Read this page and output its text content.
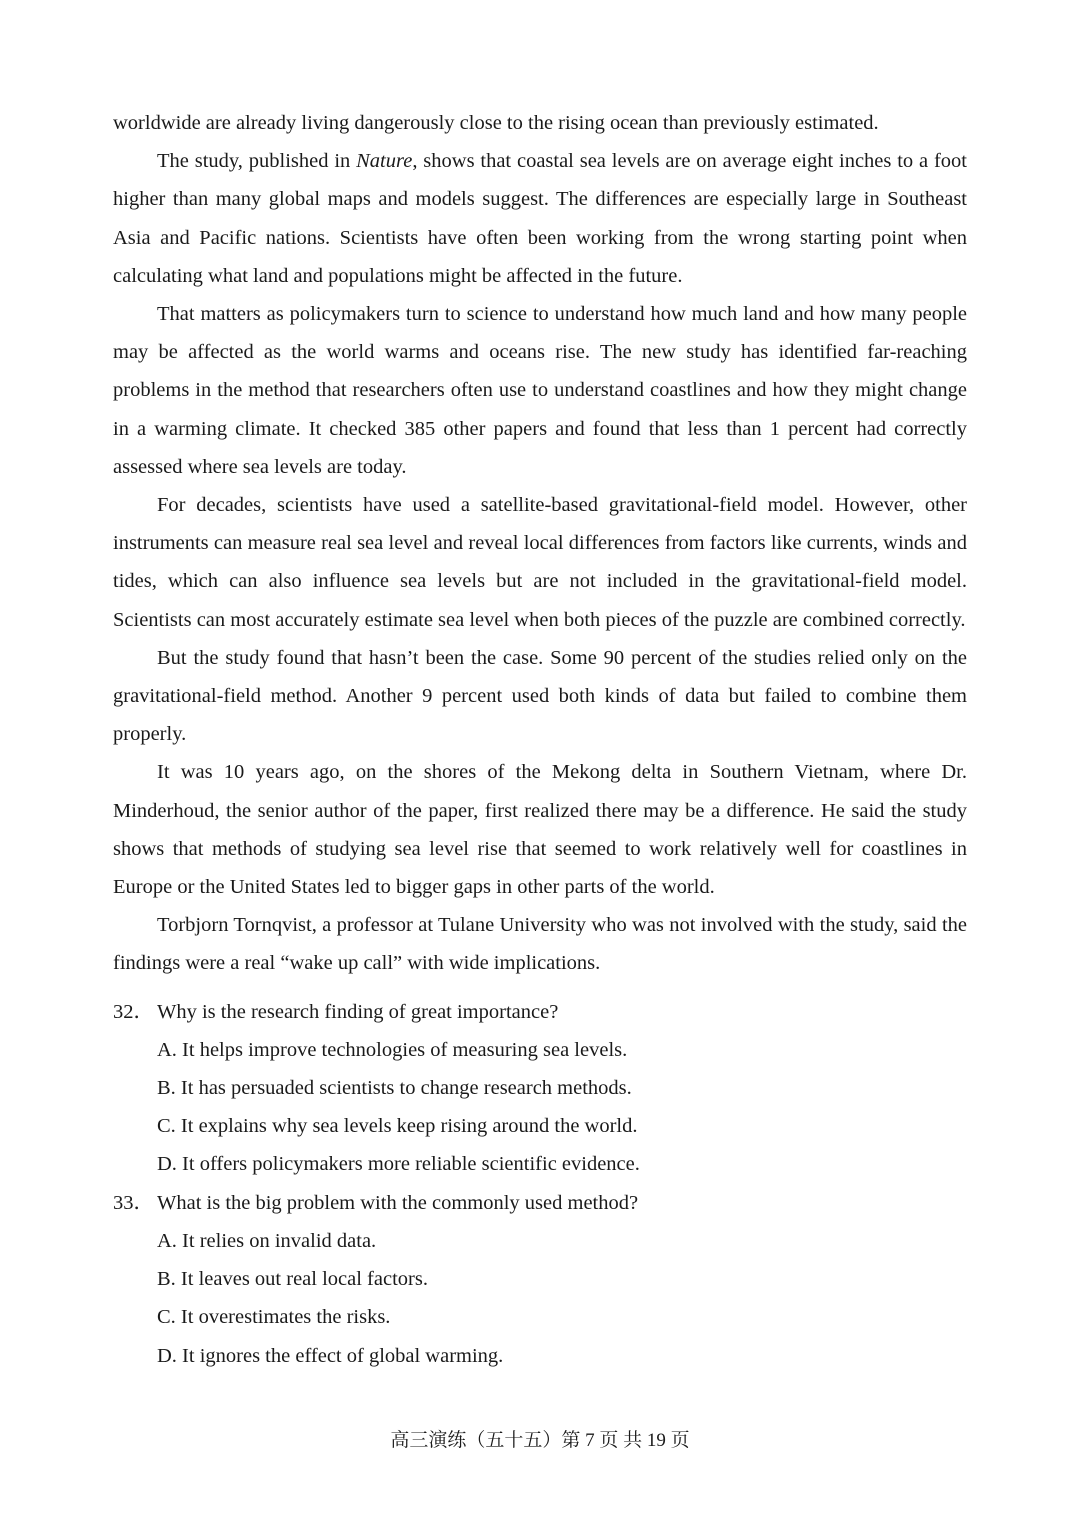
worldwide are already living dangerously close to the rising ocean than previously estimated.

The study, published in Nature, shows that coastal sea levels are on average eight inches to a foot higher than many global maps and models suggest. The differences are especially large in Southeast Asia and Pacific nations. Scientists have often been working from the wrong starting point when calculating what land and populations might be affected in the future.

That matters as policymakers turn to science to understand how much land and how many people may be affected as the world warms and oceans rise. The new study has identified far-reaching problems in the method that researchers often use to understand coastlines and how they might change in a warming climate. It checked 385 other papers and found that less than 1 percent had correctly assessed where sea levels are today.

For decades, scientists have used a satellite-based gravitational-field model. However, other instruments can measure real sea level and reveal local differences from factors like currents, winds and tides, which can also influence sea levels but are not included in the gravitational-field model. Scientists can most accurately estimate sea level when both pieces of the puzzle are combined correctly.

But the study found that hasn’t been the case. Some 90 percent of the studies relied only on the gravitational-field method. Another 9 percent used both kinds of data but failed to combine them properly.

It was 10 years ago, on the shores of the Mekong delta in Southern Vietnam, where Dr. Minderhoud, the senior author of the paper, first realized there may be a difference. He said the study shows that methods of studying sea level rise that seemed to work relatively well for coastlines in Europe or the United States led to bigger gaps in other parts of the world.

Torbjorn Tornqvist, a professor at Tulane University who was not involved with the study, said the findings were a real “wake up call” with wide implications.

32． Why is the research finding of great importance?

A. It helps improve technologies of measuring sea levels.
B. It has persuaded scientists to change research methods.
C. It explains why sea levels keep rising around the world.
D. It offers policymakers more reliable scientific evidence.

33． What is the big problem with the commonly used method?

A. It relies on invalid data.
B. It leaves out real local factors.
C. It overestimates the risks.
D. It ignores the effect of global warming.
高三演练（五十五）第 7 页 共 19 页
